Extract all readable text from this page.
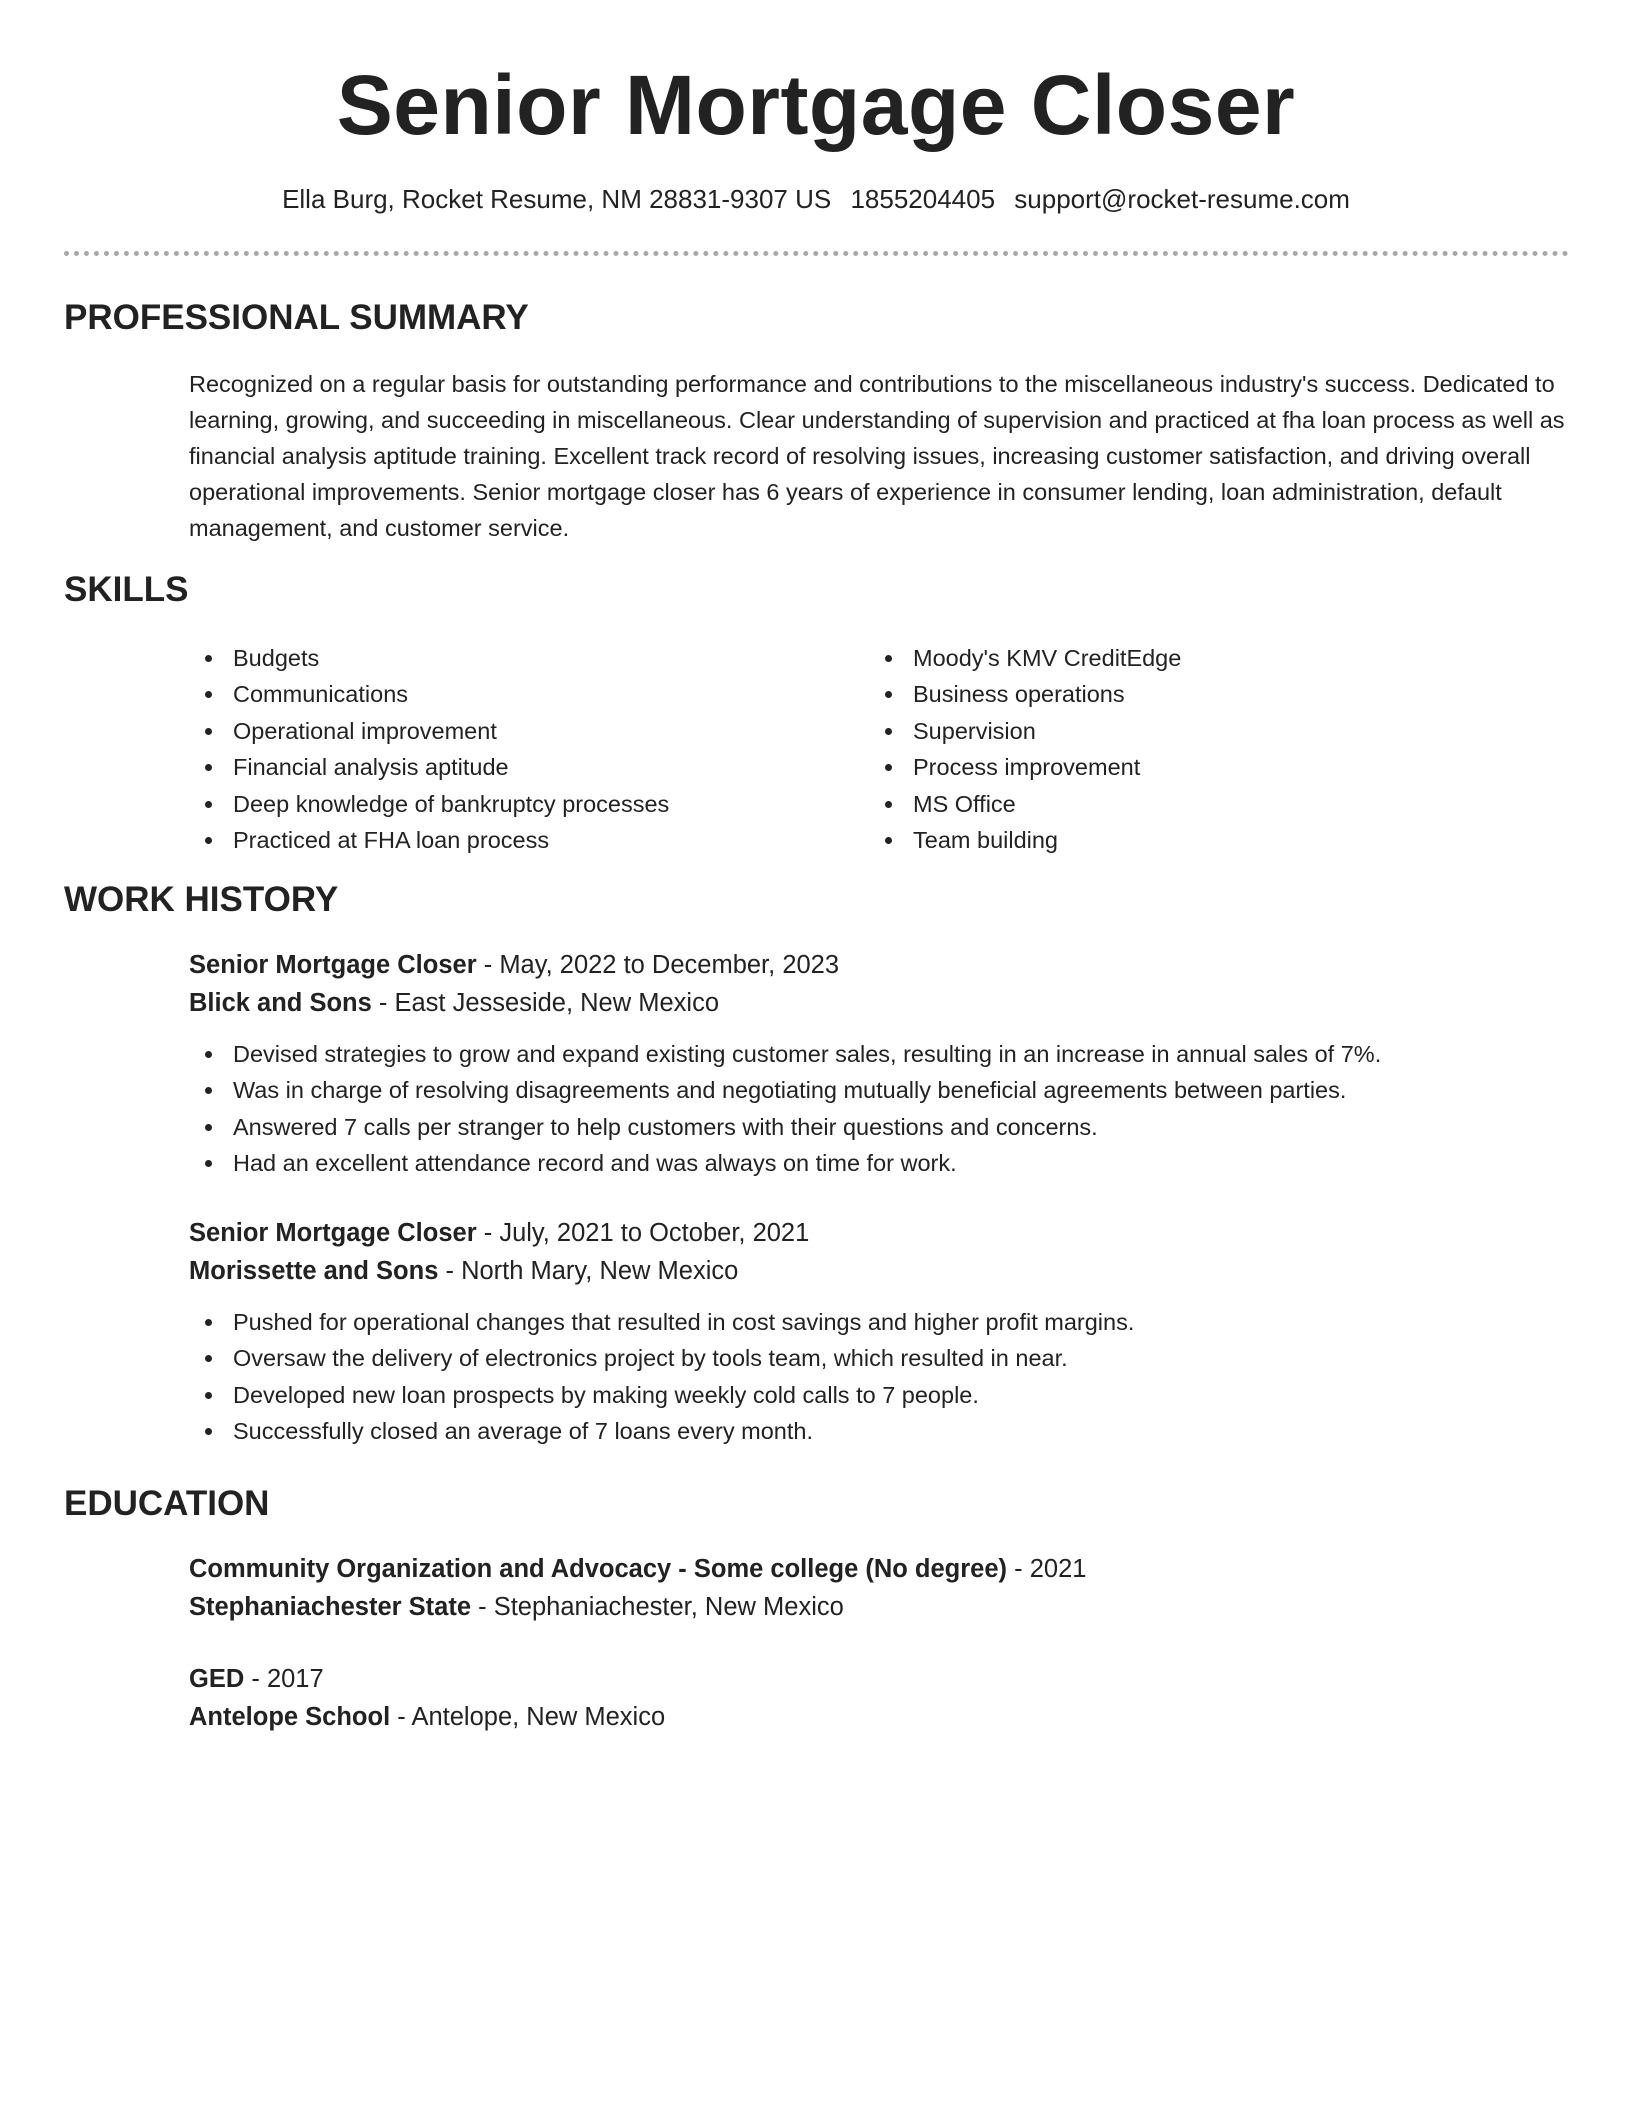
Senior Mortgage Closer
Ella Burg, Rocket Resume, NM 28831-9307 US 1855204405 support@rocket-resume.com
PROFESSIONAL SUMMARY
Recognized on a regular basis for outstanding performance and contributions to the miscellaneous industry's success. Dedicated to learning, growing, and succeeding in miscellaneous. Clear understanding of supervision and practiced at fha loan process as well as financial analysis aptitude training. Excellent track record of resolving issues, increasing customer satisfaction, and driving overall operational improvements. Senior mortgage closer has 6 years of experience in consumer lending, loan administration, default management, and customer service.
SKILLS
Budgets
Communications
Operational improvement
Financial analysis aptitude
Deep knowledge of bankruptcy processes
Practiced at FHA loan process
Moody's KMV CreditEdge
Business operations
Supervision
Process improvement
MS Office
Team building
WORK HISTORY
Senior Mortgage Closer - May, 2022 to December, 2023
Blick and Sons - East Jesseside, New Mexico
Devised strategies to grow and expand existing customer sales, resulting in an increase in annual sales of 7%.
Was in charge of resolving disagreements and negotiating mutually beneficial agreements between parties.
Answered 7 calls per stranger to help customers with their questions and concerns.
Had an excellent attendance record and was always on time for work.
Senior Mortgage Closer - July, 2021 to October, 2021
Morissette and Sons - North Mary, New Mexico
Pushed for operational changes that resulted in cost savings and higher profit margins.
Oversaw the delivery of electronics project by tools team, which resulted in near.
Developed new loan prospects by making weekly cold calls to 7 people.
Successfully closed an average of 7 loans every month.
EDUCATION
Community Organization and Advocacy - Some college (No degree) - 2021
Stephaniachester State - Stephaniachester, New Mexico
GED - 2017
Antelope School - Antelope, New Mexico
